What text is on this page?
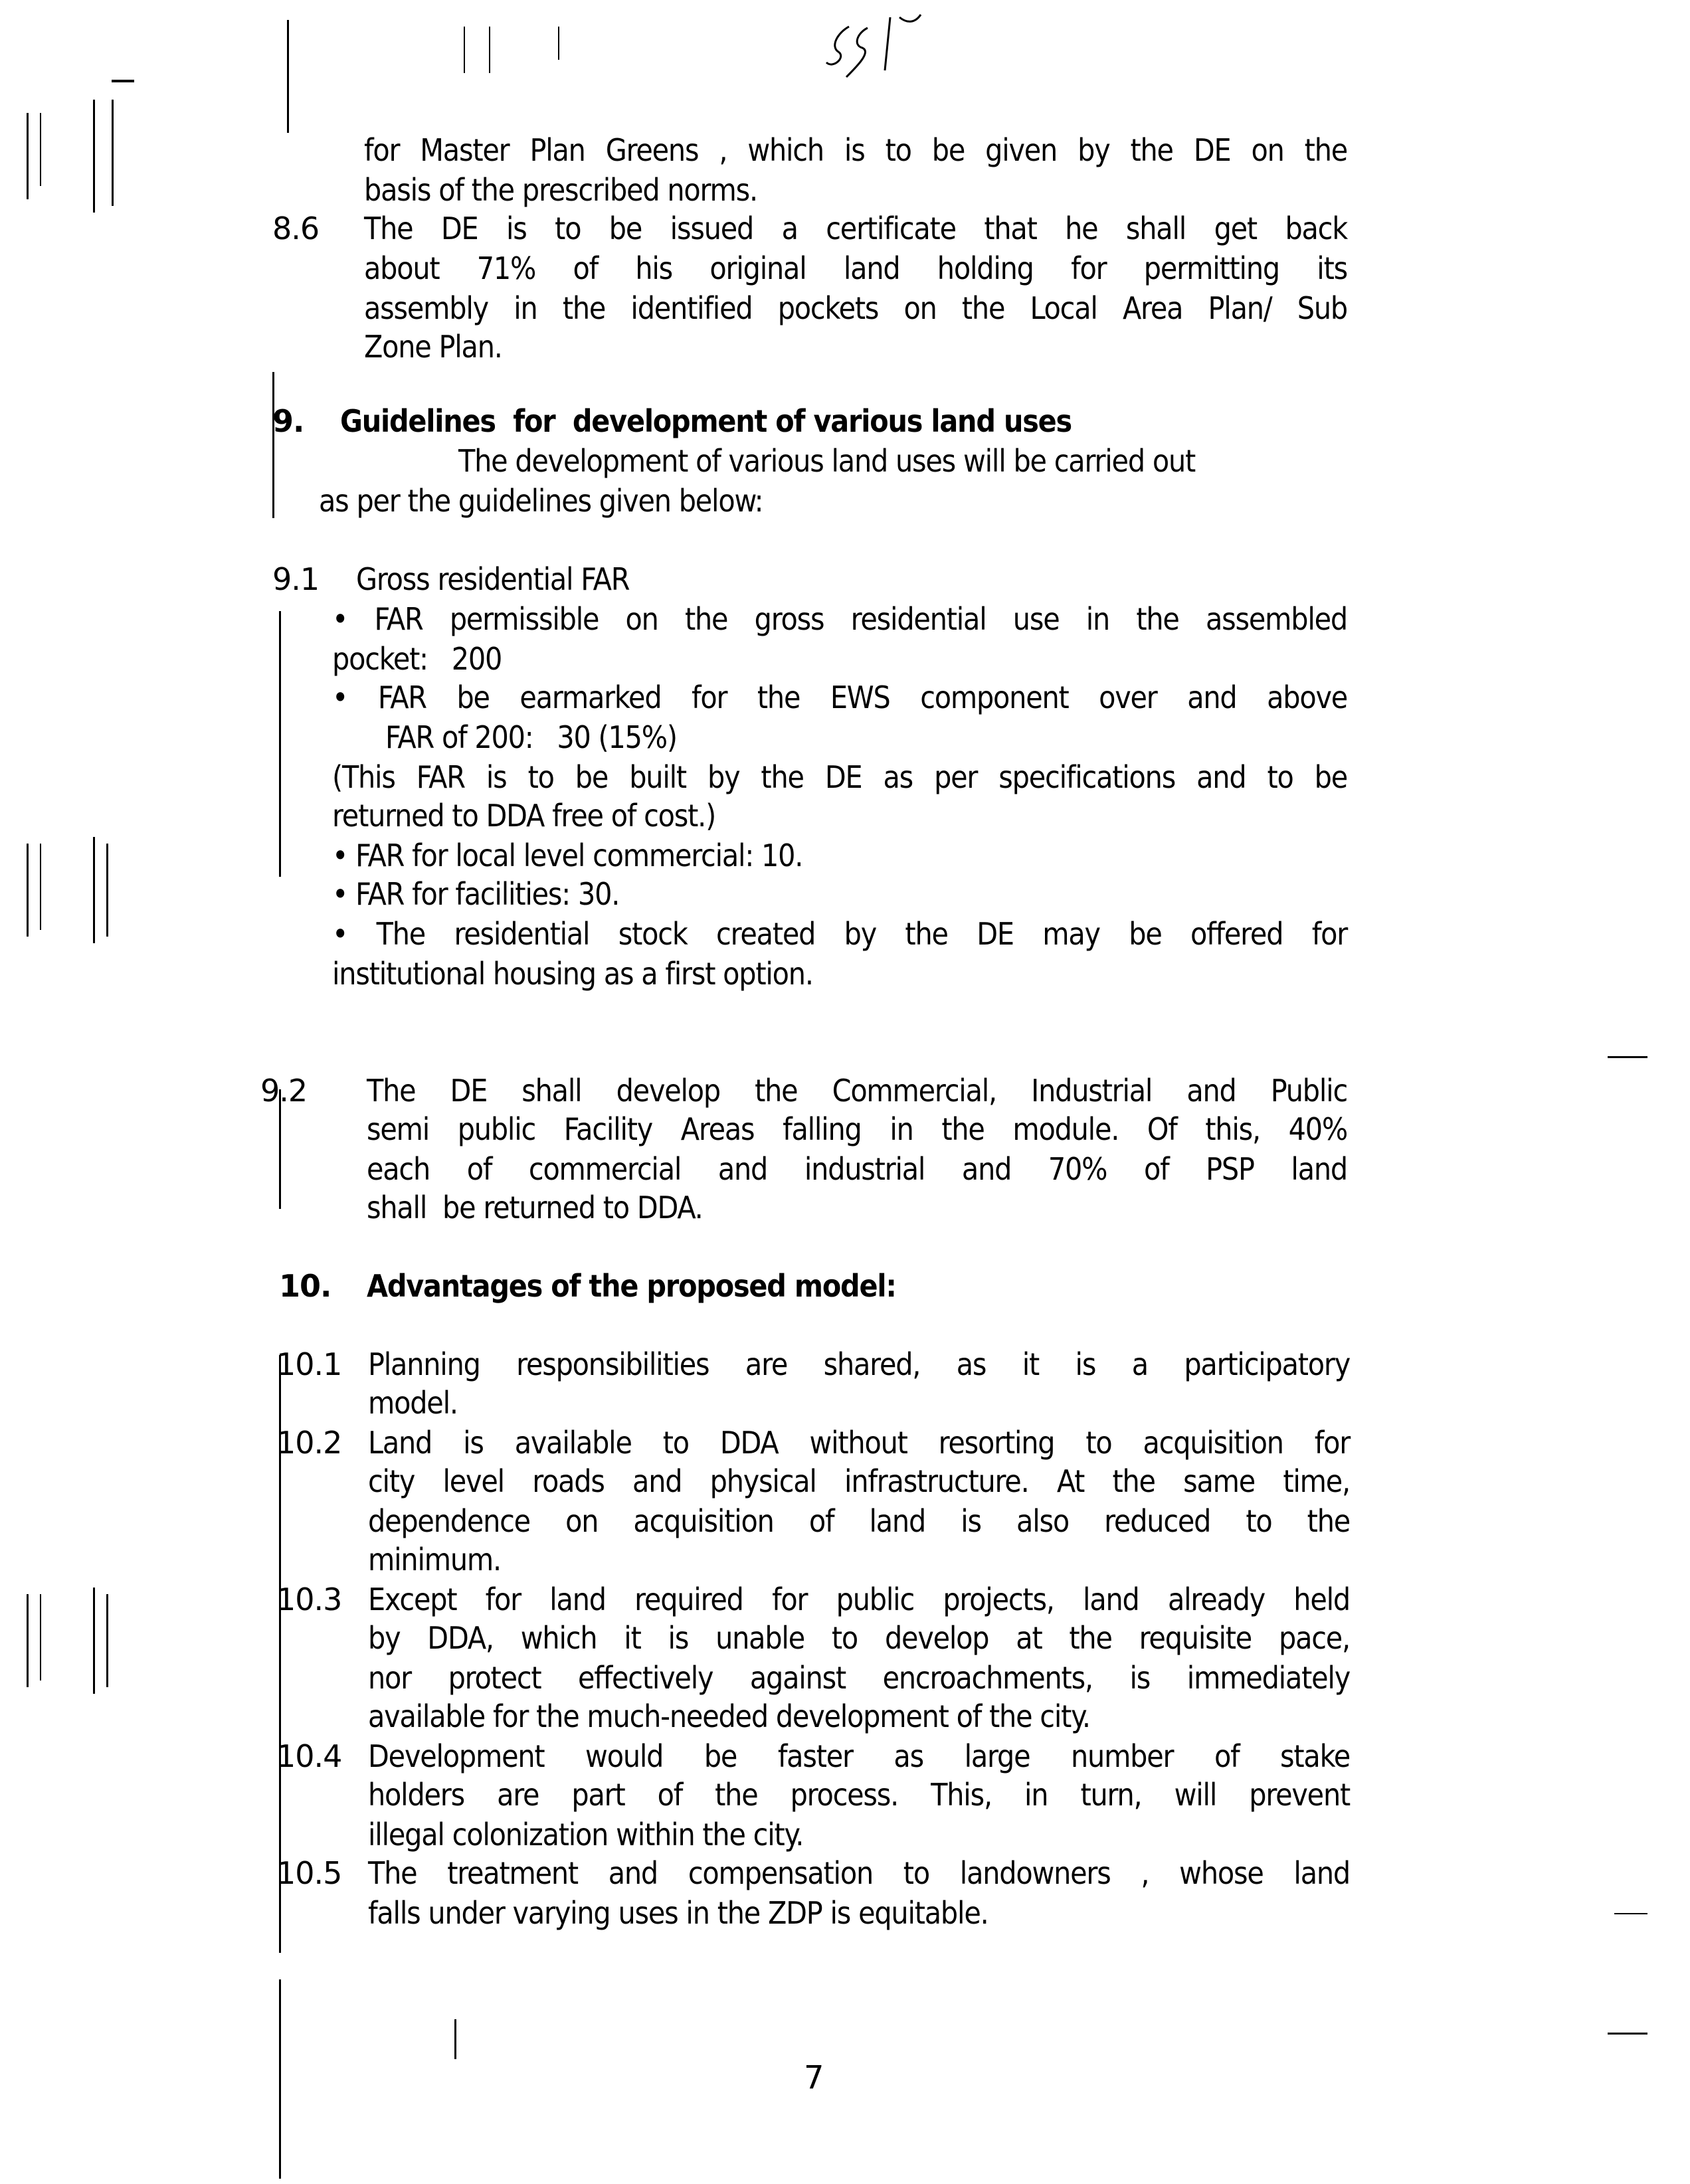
for Master Plan Greens , which is to be given by the DE on the
basis of the prescribed norms.
8.6 The DE is to be issued a certificate that he shall get back
about 71% of his original land holding for permitting its
assembly in the identified pockets on the Local Area Plan/ Sub
Zone Plan.
9. Guidelines  for  development of various land uses
The development of various land uses will be carried out
as per the guidelines given below:
9.1 Gross residential FAR
• FAR permissible on the gross residential use in the assembled
pocket:   200
• FAR be earmarked for the EWS component over and above
FAR of 200:   30 (15%)
(This FAR is to be built by the DE as per specifications and to be
returned to DDA free of cost.)
• FAR for local level commercial: 10.
• FAR for facilities: 30.
• The residential stock created by the DE may be offered for
institutional housing as a first option.
9.2 The DE shall develop the Commercial, Industrial and Public
semi public Facility Areas falling in the module. Of this, 40%
each of commercial and industrial and 70% of PSP land
shall  be returned to DDA.
10. Advantages of the proposed model:
10.1 Planning responsibilities are shared, as it is a participatory
model.
10.2 Land is available to DDA without resorting to acquisition for
city level roads and physical infrastructure. At the same time,
dependence on acquisition of land is also reduced to the
minimum.
10.3 Except for land required for public projects, land already held
by DDA, which it is unable to develop at the requisite pace,
nor protect effectively against encroachments, is immediately
available for the much-needed development of the city.
10.4 Development would be faster as large number of stake
holders are part of the process. This, in turn, will prevent
illegal colonization within the city.
10.5 The treatment and compensation to landowners , whose land
falls under varying uses in the ZDP is equitable.
7
